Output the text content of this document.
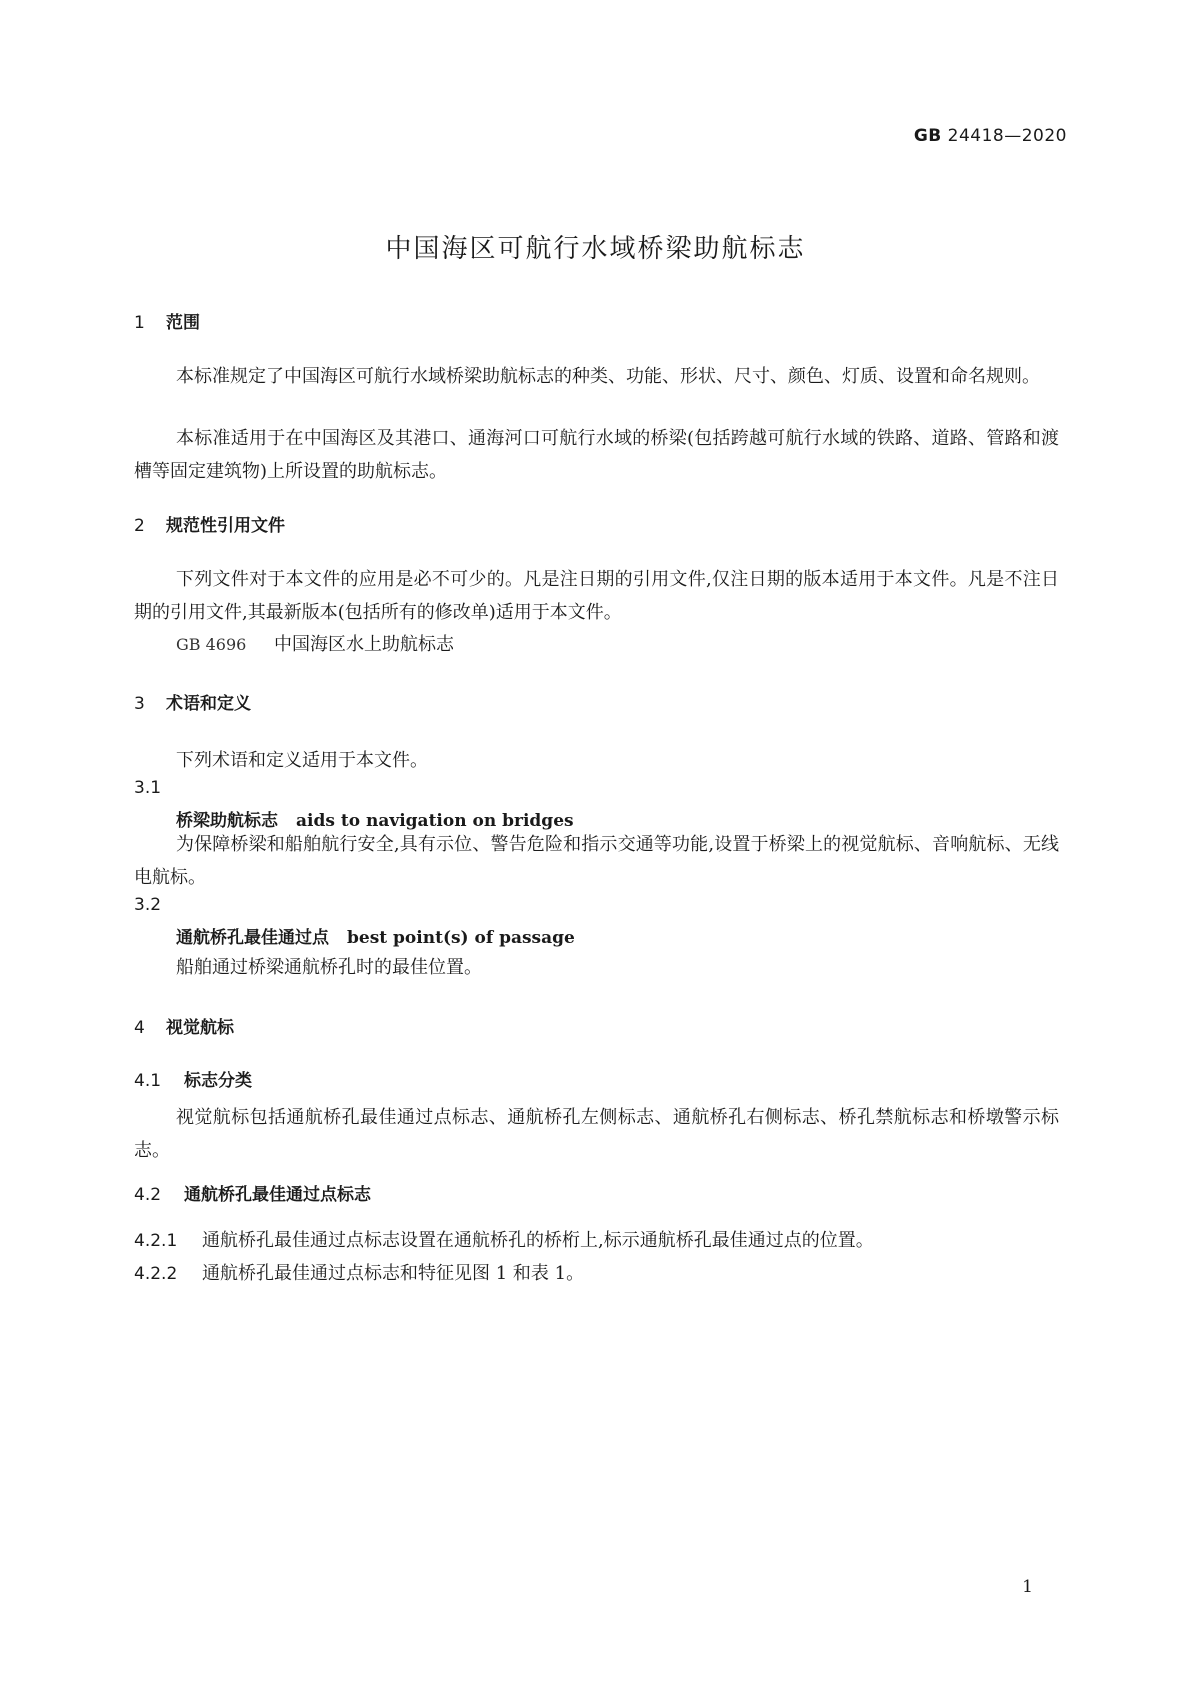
GB 24418—2020
中国海区可航行水域桥梁助航标志
1 范围

本标准规定了中国海区可航行水域桥梁助航标志的种类、功能、形状、尺寸、颜色、灯质、设置和命名规则。

本标准适用于在中国海区及其港口、通海河口可航行水域的桥梁(包括跨越可航行水域的铁路、道路、管路和渡槽等固定建筑物)上所设置的助航标志。

2 规范性引用文件

下列文件对于本文件的应用是必不可少的。凡是注日期的引用文件,仅注日期的版本适用于本文件。凡是不注日期的引用文件,其最新版本(包括所有的修改单)适用于本文件。

GB 4696 中国海区水上助航标志
3 术语和定义
下列术语和定义适用于本文件。
3.1
桥梁助航标志 aids to navigation on bridges

为保障桥梁和船舶航行安全,具有示位、警告危险和指示交通等功能,设置于桥梁上的视觉航标、音响航标、无线电航标。

3.2
通航桥孔最佳通过点 best point(s) of passage
船舶通过桥梁通航桥孔时的最佳位置。
4 视觉航标
4.1 标志分类

视觉航标包括通航桥孔最佳通过点标志、通航桥孔左侧标志、通航桥孔右侧标志、桥孔禁航标志和桥墩警示标志。

4.2 通航桥孔最佳通过点标志
4.2.1 通航桥孔最佳通过点标志设置在通航桥孔的桥桁上,标示通航桥孔最佳通过点的位置。
4.2.2 通航桥孔最佳通过点标志和特征见图 1 和表 1。
1
